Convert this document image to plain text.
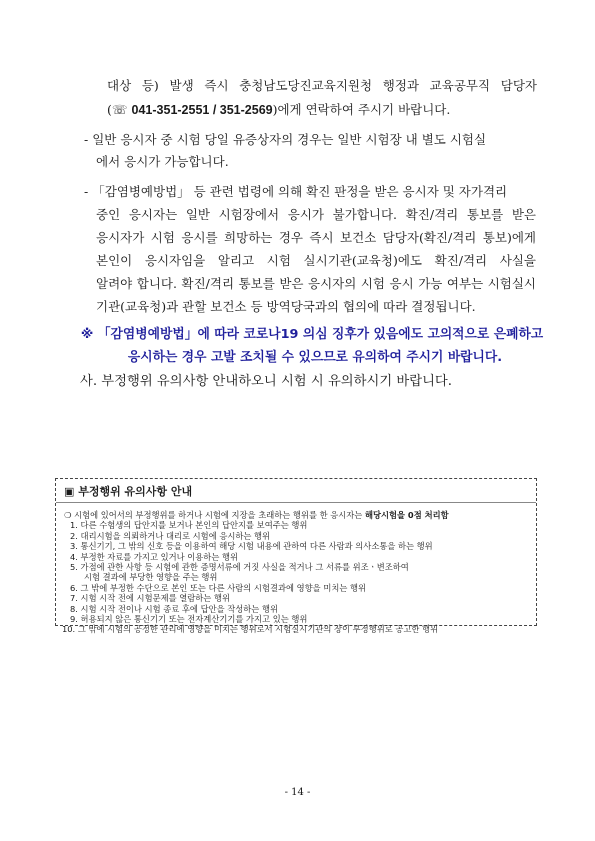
대상 등) 발생 즉시 충청남도당진교육지원청 행정과 교육공무직 담당자
(☏ 041-351-2551 / 351-2569)에게 연락하여 주시기 바랍니다.
- 일반 응시자 중 시험 당일 유증상자의 경우는 일반 시험장 내 별도 시험실
에서 응시가 가능합니다.
- 「감염병예방법」 등 관련 법령에 의해 확진 판정을 받은 응시자 및 자가격리
중인 응시자는 일반 시험장에서 응시가 불가합니다. 확진/격리 통보를 받은
응시자가 시험 응시를 희망하는 경우 즉시 보건소 담당자(확진/격리 통보)에게
본인이 응시자임을 알리고 시험 실시기관(교육청)에도 확진/격리 사실을
알려야 합니다. 확진/격리 통보를 받은 응시자의 시험 응시 가능 여부는 시험실시
기관(교육청)과 관할 보건소 등 방역당국과의 협의에 따라 결정됩니다.
※ 「감염병예방법」에 따라 코로나19 의심 징후가 있음에도 고의적으로 은폐하고
응시하는 경우 고발 조치될 수 있으므로 유의하여 주시기 바랍니다.
사. 부정행위 유의사항 안내하오니 시험 시 유의하시기 바랍니다.
▣ 부정행위 유의사항 안내
❍ 시험에 있어서의 부정행위를 하거나 시험에 지장을 초래하는 행위를 한 응시자는 해당시험을 0점 처리함
1. 다른 수험생의 답안지를 보거나 본인의 답안지를 보여주는 행위
2. 대리시험을 의뢰하거나 대리로 시험에 응시하는 행위
3. 통신기기, 그 밖의 신호 등을 이용하여 해당 시험 내용에 관하여 다른 사람과 의사소통을 하는 행위
4. 부정한 자료를 가지고 있거나 이용하는 행위
5. 가점에 관한 사항 등 시험에 관한 증명서류에 거짓 사실을 적거나 그 서류를 위조ㆍ변조하여
시험 결과에 부당한 영향을 주는 행위
6. 그 밖에 부정한 수단으로 본인 또는 다른 사람의 시험결과에 영향을 미치는 행위
7. 시험 시작 전에 시험문제를 열람하는 행위
8. 시험 시작 전이나 시험 종료 후에 답안을 작성하는 행위
9. 허용되지 않은 통신기기 또는 전자계산기기를 가지고 있는 행위
10. 그 밖에 시험의 공정한 관리에 영향을 미치는 행위로서 시험실시기관의 장이 부정행위로 공고한 행위
- 14 -
